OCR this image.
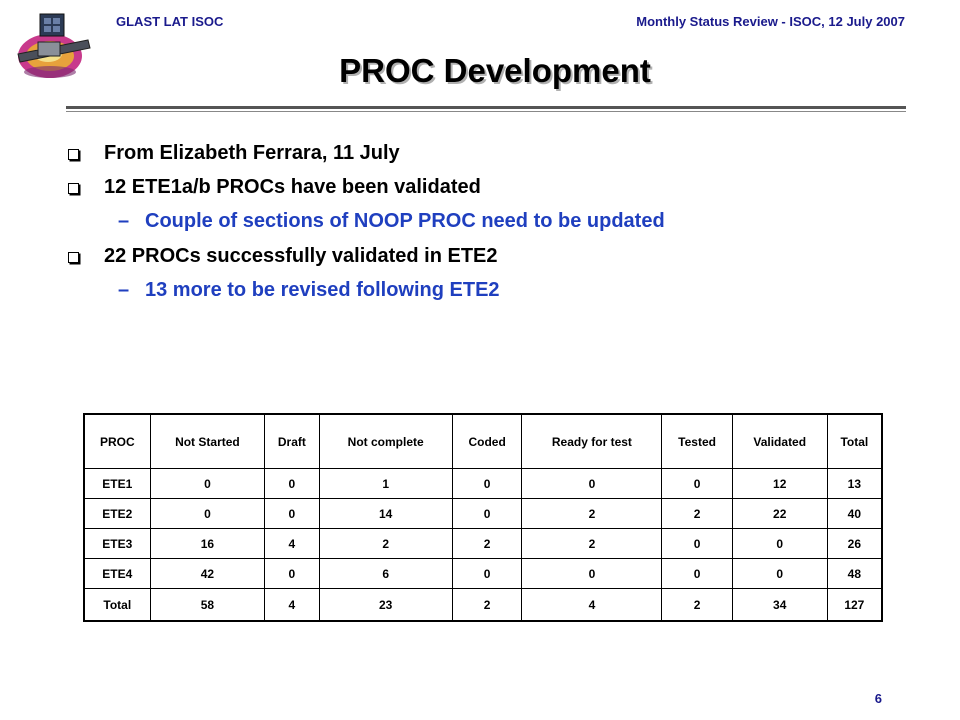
GLAST LAT ISOC	Monthly Status Review - ISOC, 12 July 2007
PROC Development
From Elizabeth Ferrara, 11 July
12 ETE1a/b PROCs have been validated
– Couple of sections of NOOP PROC need to be updated
22 PROCs successfully validated in ETE2
– 13 more to be revised following ETE2
PROC	Not Started	Draft	Not complete	Coded	Ready for test	Tested	Validated	Total
ETE1	0	0	1	0	0	0	12	13
ETE2	0	0	14	0	2	2	22	40
ETE3	16	4	2	2	2	0	0	26
ETE4	42	0	6	0	0	0	0	48
Total	58	4	23	2	4	2	34	127
6
